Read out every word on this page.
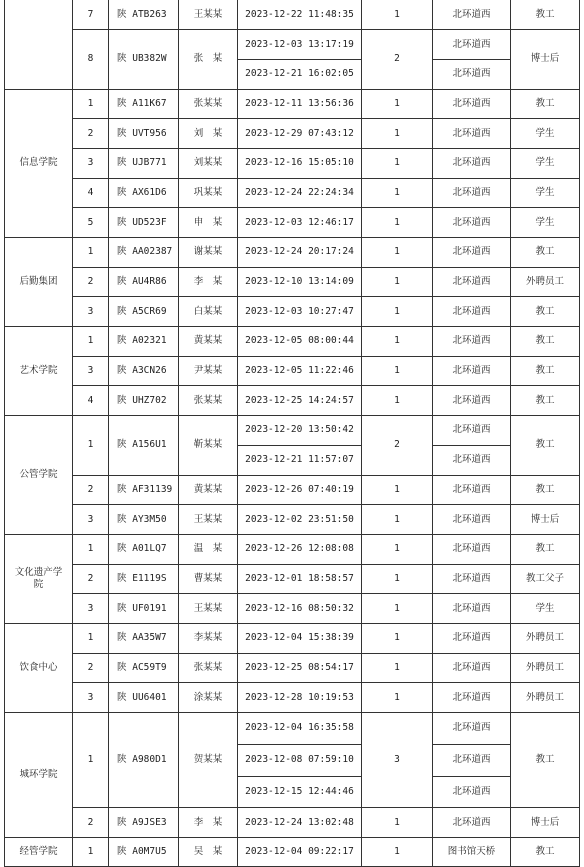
	7	陕 ATB263	王某某	2023-12-22 11:48:35	1	北环道西	教工
	8	陕 UB382W	张　某	2023-12-03 13:17:19	2	北环道西	博士后
				2023-12-21 16:02:05		北环道西	
信息学院	1	陕 A11K67	张某某	2023-12-11 13:56:36	1	北环道西	教工
	2	陕 UVT956	刘　某	2023-12-29 07:43:12	1	北环道西	学生
	3	陕 UJB771	刘某某	2023-12-16 15:05:10	1	北环道西	学生
	4	陕 AX61D6	巩某某	2023-12-24 22:24:34	1	北环道西	学生
	5	陕 UD523F	申　某	2023-12-03 12:46:17	1	北环道西	学生
后勤集团	1	陕 AA02387	谢某某	2023-12-24 20:17:24	1	北环道西	教工
	2	陕 AU4R86	李　某	2023-12-10 13:14:09	1	北环道西	外聘员工
	3	陕 A5CR69	白某某	2023-12-03 10:27:47	1	北环道西	教工
艺术学院	1	陕 A02321	黄某某	2023-12-05 08:00:44	1	北环道西	教工
	3	陕 A3CN26	尹某某	2023-12-05 11:22:46	1	北环道西	教工
	4	陕 UHZ702	张某某	2023-12-25 14:24:57	1	北环道西	教工
公管学院	1	陕 A156U1	靳某某	2023-12-20 13:50:42	2	北环道西	教工
				2023-12-21 11:57:07		北环道西	
	2	陕 AF31139	黄某某	2023-12-26 07:40:19	1	北环道西	教工
	3	陕 AY3M50	王某某	2023-12-02 23:51:50	1	北环道西	博士后
文化遗产学院	1	陕 A01LQ7	温　某	2023-12-26 12:08:08	1	北环道西	教工
	2	陕 E1119S	曹某某	2023-12-01 18:58:57	1	北环道西	教工父子
	3	陕 UF0191	王某某	2023-12-16 08:50:32	1	北环道西	学生
饮食中心	1	陕 AA35W7	李某某	2023-12-04 15:38:39	1	北环道西	外聘员工
	2	陕 AC59T9	张某某	2023-12-25 08:54:17	1	北环道西	外聘员工
	3	陕 UU6401	涂某某	2023-12-28 10:19:53	1	北环道西	外聘员工
城环学院	1	陕 A980D1	贺某某	2023-12-04 16:35:58	3	北环道西	教工
				2023-12-08 07:59:10		北环道西	
				2023-12-15 12:44:46		北环道西	
	2	陕 A9JSE3	李　某	2023-12-24 13:02:48	1	北环道西	博士后
经管学院	1	陕 A0M7U5	吴　某	2023-12-04 09:22:17	1	图书馆天桥	教工
